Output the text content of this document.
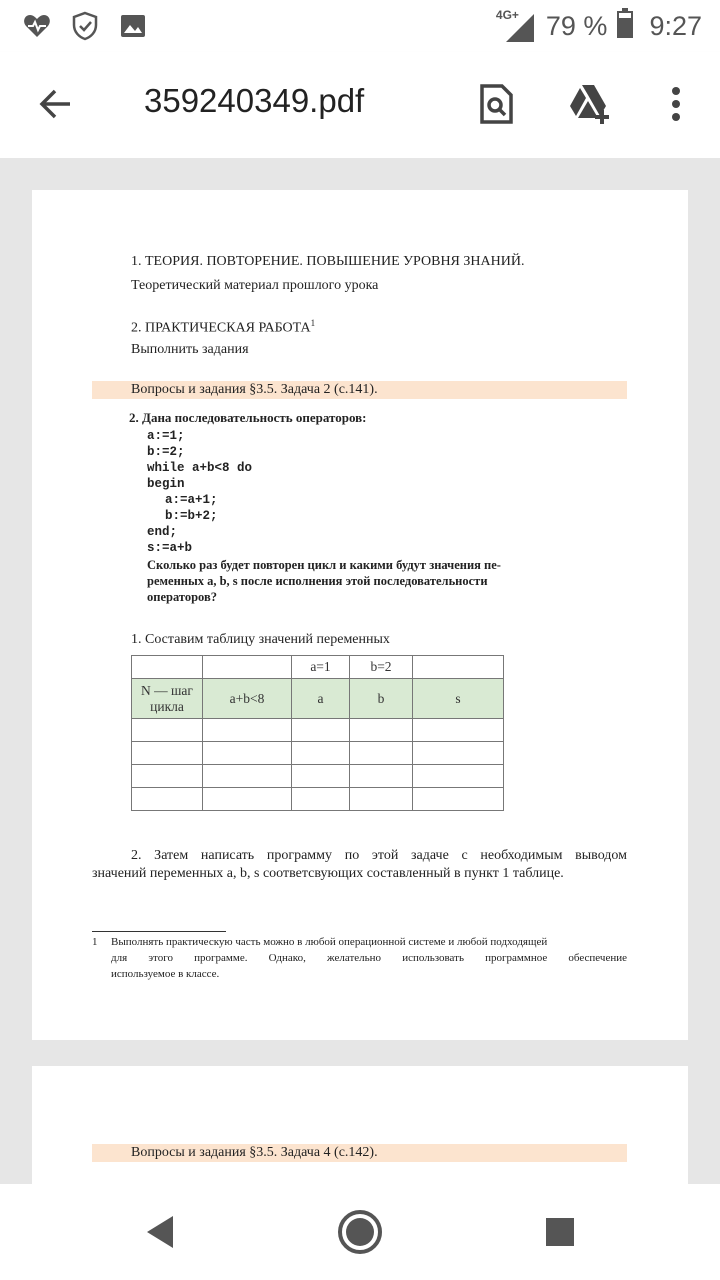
4G+ 79 % 9:27
359240349.pdf
1. ТЕОРИЯ. ПОВТОРЕНИЕ. ПОВЫШЕНИЕ УРОВНЯ ЗНАНИЙ.
Теоретический материал прошлого урока
2. ПРАКТИЧЕСКАЯ РАБОТА$^1$
Выполнить задания
Вопросы и задания §3.5. Задача 2 (с.141).
2. Дана последовательность операторов:
a:=1;
b:=2;
while a+b<8 do
begin
a:=a+1;
b:=b+2;
end;
s:=a+b
Сколько раз будет повторен цикл и какими будут значения пе-
ременных a, b, s после исполнения этой последовательности
операторов?
1. Составим таблицу значений переменных
		a=1	b=2	
N — шаг цикла	a+b<8	a	b	s

2. Затем написать программу по этой задаче с необходимым выводом
значений переменных a, b, s соответсвующих составленный в пункт 1 таблице.
1 Выполнять практическую часть можно в любой операционной системе и любой подходящей
для этого программе. Однако, желательно использовать программное обеспечение
используемое в классе.
Вопросы и задания §3.5. Задача 4 (с.142).
